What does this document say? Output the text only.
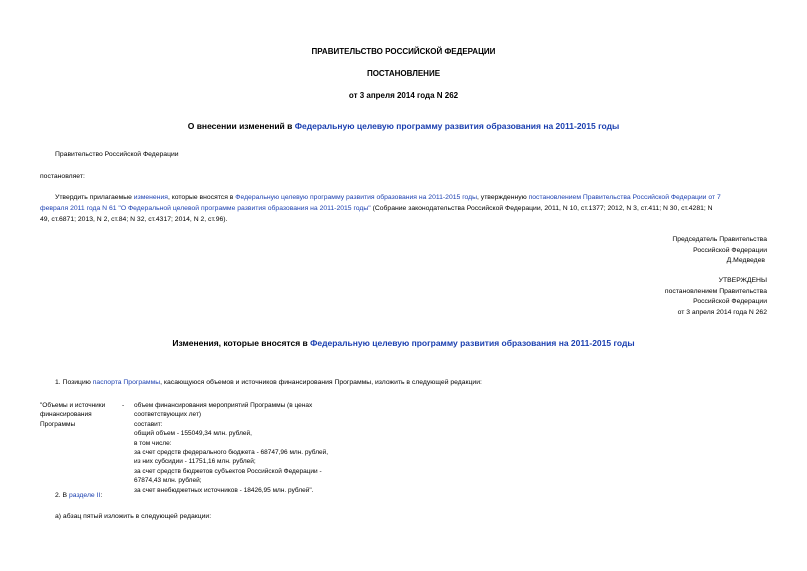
ПРАВИТЕЛЬСТВО РОССИЙСКОЙ ФЕДЕРАЦИИ
ПОСТАНОВЛЕНИЕ
от 3 апреля 2014 года N 262
О внесении изменений в Федеральную целевую программу развития образования на 2011-2015 годы
Правительство Российской Федерации
постановляет:
Утвердить прилагаемые изменения, которые вносятся в Федеральную целевую программу развития образования на 2011-2015 годы, утвержденную постановлением Правительства Российской Федерации от 7
февраля 2011 года N 61 "О Федеральной целевой программе развития образования на 2011-2015 годы" (Собрание законодательства Российской Федерации, 2011, N 10, ст.1377; 2012, N 3, ст.411; N 30, ст.4281; N
49, ст.6871; 2013, N 2, ст.84; N 32, ст.4317; 2014, N 2, ст.96).
Председатель Правительства
Российской Федерации
Д.Медведев
УТВЕРЖДЕНЫ
постановлением Правительства
Российской Федерации
от 3 апреля 2014 года N 262
Изменения, которые вносятся в Федеральную целевую программу развития образования на 2011-2015 годы
1. Позицию паспорта Программы, касающуюся объемов и источников финансирования Программы, изложить в следующей редакции:
"Объемы и источники
финансирования
Программы
-	объем финансирования мероприятий Программы (в ценах
соответствующих лет)
составит:
общий объем - 155049,34 млн. рублей,
в том числе:
за счет средств федерального бюджета - 68747,96 млн. рублей,
из них субсидии - 11751,16 млн. рублей;
за счет средств бюджетов субъектов Российской Федерации -
67874,43 млн. рублей;
за счет внебюджетных источников - 18426,95 млн. рублей".
2. В разделе II:
а) абзац пятый изложить в следующей редакции:
